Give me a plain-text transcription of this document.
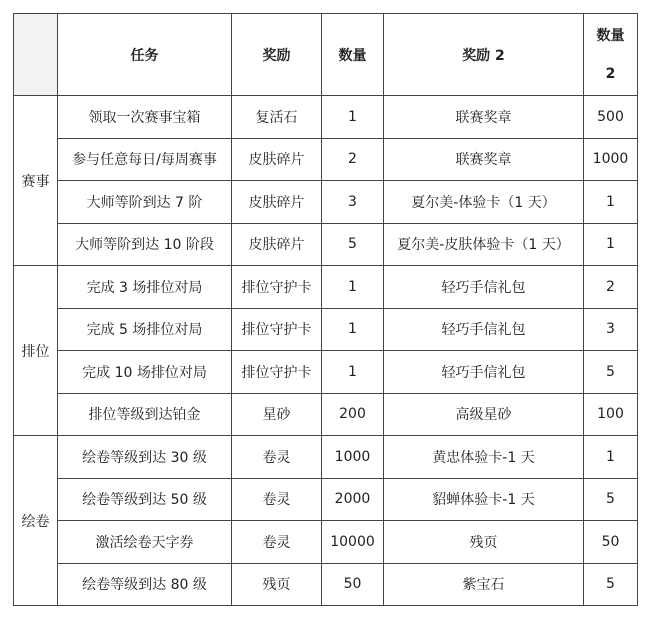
	任务	奖励	数量	奖励 2	数量
2
赛事	领取一次赛事宝箱	复活石	1	联赛奖章	500
	参与任意每日/每周赛事	皮肤碎片	2	联赛奖章	1000
	大师等阶到达 7 阶	皮肤碎片	3	夏尔美-体验卡（1 天）	1
	大师等阶到达 10 阶段	皮肤碎片	5	夏尔美-皮肤体验卡（1 天）	1
排位	完成 3 场排位对局	排位守护卡	1	轻巧手信礼包	2
	完成 5 场排位对局	排位守护卡	1	轻巧手信礼包	3
	完成 10 场排位对局	排位守护卡	1	轻巧手信礼包	5
	排位等级到达铂金	星砂	200	高级星砂	100
绘卷	绘卷等级到达 30 级	卷灵	1000	黄忠体验卡-1 天	1
	绘卷等级到达 50 级	卷灵	2000	貂蝉体验卡-1 天	5
	激活绘卷天字券	卷灵	10000	残页	50
	绘卷等级到达 80 级	残页	50	紫宝石	5
